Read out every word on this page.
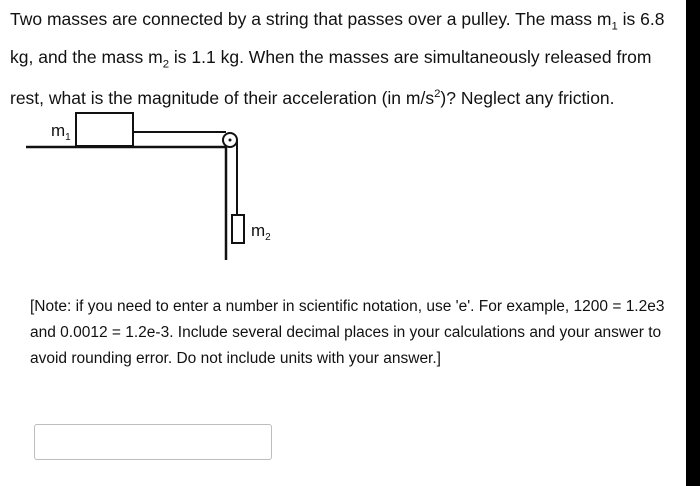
Two masses are connected by a string that passes over a pulley. The mass $m_1$ is 6.8 kg, and the mass $m_2$ is 1.1 kg. When the masses are simultaneously released from rest, what is the magnitude of their acceleration (in $m/s^2$)? Neglect any friction.

$m_1$
$m_2$
[Note: if you need to enter a number in scientific notation, use 'e'. For example, 1200 = 1.2e3 and 0.0012 = 1.2e-3. Include several decimal places in your calculations and your answer to avoid rounding error. Do not include units with your answer.]
